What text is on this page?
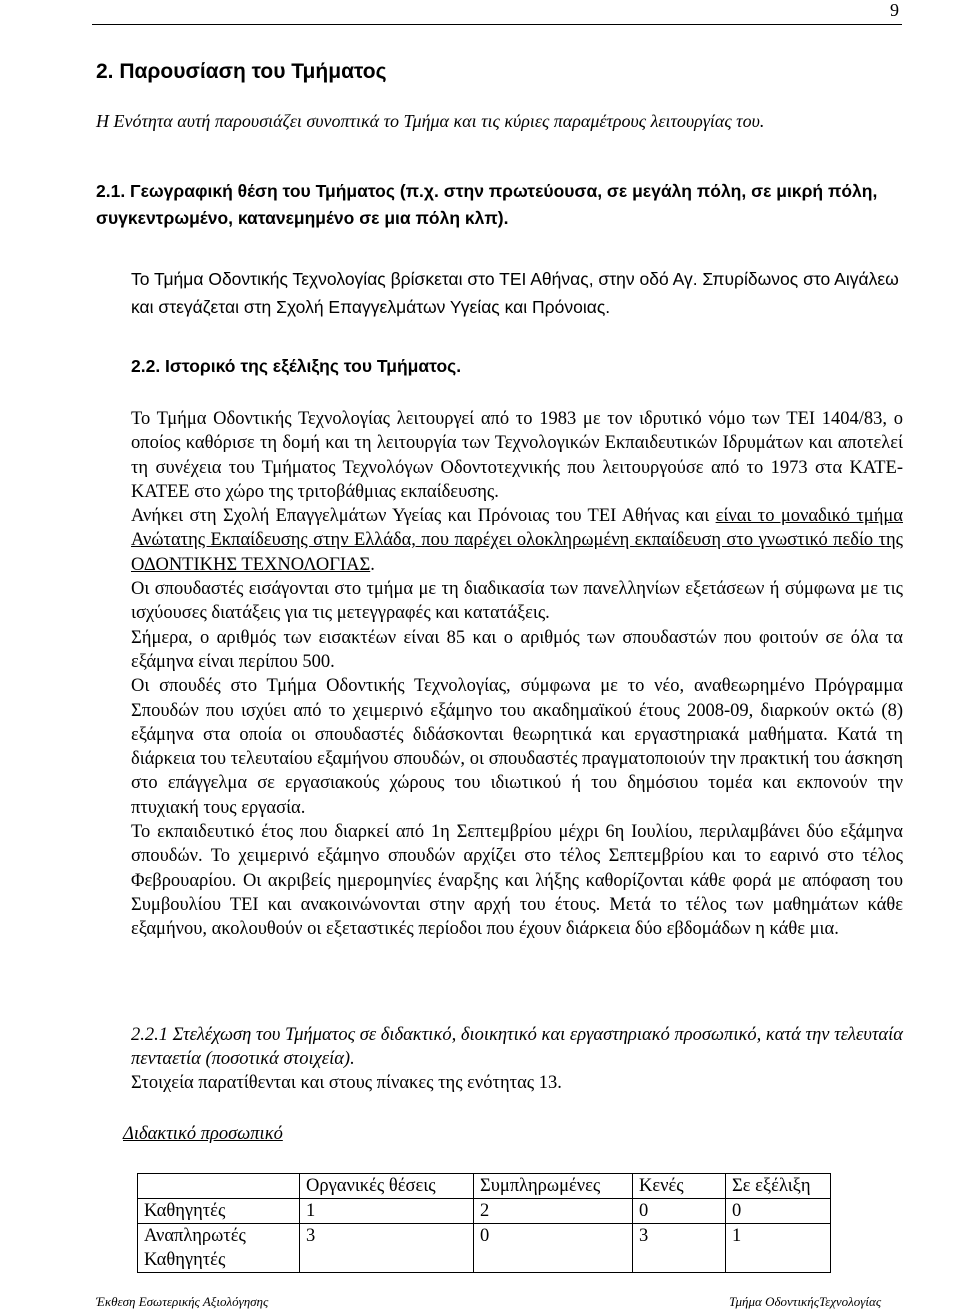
9
2. Παρουσίαση του Τμήματος

Η Ενότητα αυτή παρουσιάζει συνοπτικά το Τμήμα και τις κύριες παραμέτρους λειτουργίας του.

2.1. Γεωγραφική θέση του Τμήματος (π.χ. στην πρωτεύουσα, σε μεγάλη πόλη, σε μικρή πόλη, συγκεντρωμένο, κατανεμημένο σε μια πόλη κλπ).

Το Τμήμα Οδοντικής Τεχνολογίας βρίσκεται στο ΤΕΙ Αθήνας, στην οδό Αγ. Σπυρίδωνος στο Αιγάλεω και στεγάζεται στη Σχολή Επαγγελμάτων Υγείας και Πρόνοιας.

2.2. Ιστορικό της εξέλιξης του Τμήματος.

Το Τμήμα Οδοντικής Τεχνολογίας λειτουργεί από το 1983 με τον ιδρυτικό νόμο των ΤΕΙ 1404/83, ο οποίος καθόρισε τη δομή και τη λειτουργία των Τεχνολογικών Εκπαιδευτικών Ιδρυμάτων και αποτελεί τη συνέχεια του Τμήματος Τεχνολόγων Οδοντοτεχνικής που λειτουργούσε από το 1973 στα ΚΑΤΕ-ΚΑΤΕΕ στο χώρο της τριτοβάθμιας εκπαίδευσης.

Ανήκει στη Σχολή Επαγγελμάτων Υγείας και Πρόνοιας του ΤΕΙ Αθήνας και είναι το μοναδικό τμήμα Ανώτατης Εκπαίδευσης στην Ελλάδα, που παρέχει ολοκληρωμένη εκπαίδευση στο γνωστικό πεδίο της ΟΔΟΝΤΙΚΗΣ ΤΕΧΝΟΛΟΓΙΑΣ.

Οι σπουδαστές εισάγονται στο τμήμα με τη διαδικασία των πανελληνίων εξετάσεων ή σύμφωνα με τις ισχύουσες διατάξεις για τις μετεγγραφές και κατατάξεις.

Σήμερα, ο αριθμός των εισακτέων είναι 85 και ο αριθμός των σπουδαστών που φοιτούν σε όλα τα εξάμηνα είναι περίπου 500.

Οι σπουδές στο Τμήμα Οδοντικής Τεχνολογίας, σύμφωνα με το νέο, αναθεωρημένο Πρόγραμμα Σπουδών που ισχύει από το χειμερινό εξάμηνο του ακαδημαϊκού έτους 2008-09, διαρκούν οκτώ (8) εξάμηνα στα οποία οι σπουδαστές διδάσκονται θεωρητικά και εργαστηριακά μαθήματα. Κατά τη διάρκεια του τελευταίου εξαμήνου σπουδών, οι σπουδαστές πραγματοποιούν την πρακτική του άσκηση στο επάγγελμα σε εργασιακούς χώρους του ιδιωτικού ή του δημόσιου τομέα και εκπονούν την πτυχιακή τους εργασία.

Το εκπαιδευτικό έτος που διαρκεί από 1η Σεπτεμβρίου μέχρι 6η Ιουλίου, περιλαμβάνει δύο εξάμηνα σπουδών. Το χειμερινό εξάμηνο σπουδών αρχίζει στο τέλος Σεπτεμβρίου και το εαρινό στο τέλος Φεβρουαρίου. Οι ακριβείς ημερομηνίες έναρξης και λήξης καθορίζονται κάθε φορά με απόφαση του Συμβουλίου ΤΕΙ και ανακοινώνονται στην αρχή του έτους. Μετά το τέλος των μαθημάτων κάθε εξαμήνου, ακολουθούν οι εξεταστικές περίοδοι που έχουν διάρκεια δύο εβδομάδων η κάθε μια.

2.2.1 Στελέχωση του Τμήματος σε διδακτικό, διοικητικό και εργαστηριακό προσωπικό, κατά την τελευταία πενταετία (ποσοτικά στοιχεία).

Στοιχεία παρατίθενται και στους πίνακες της ενότητας 13.

Διδακτικό προσωπικό

	Οργανικές θέσεις	Συμπληρωμένες	Κενές	Σε εξέλιξη
Καθηγητές	1	2	0	0
Αναπληρωτές Καθηγητές	3	0	3	1
Έκθεση Εσωτερικής Αξιολόγησης	Τμήμα ΟδοντικήςΤεχνολογίας
